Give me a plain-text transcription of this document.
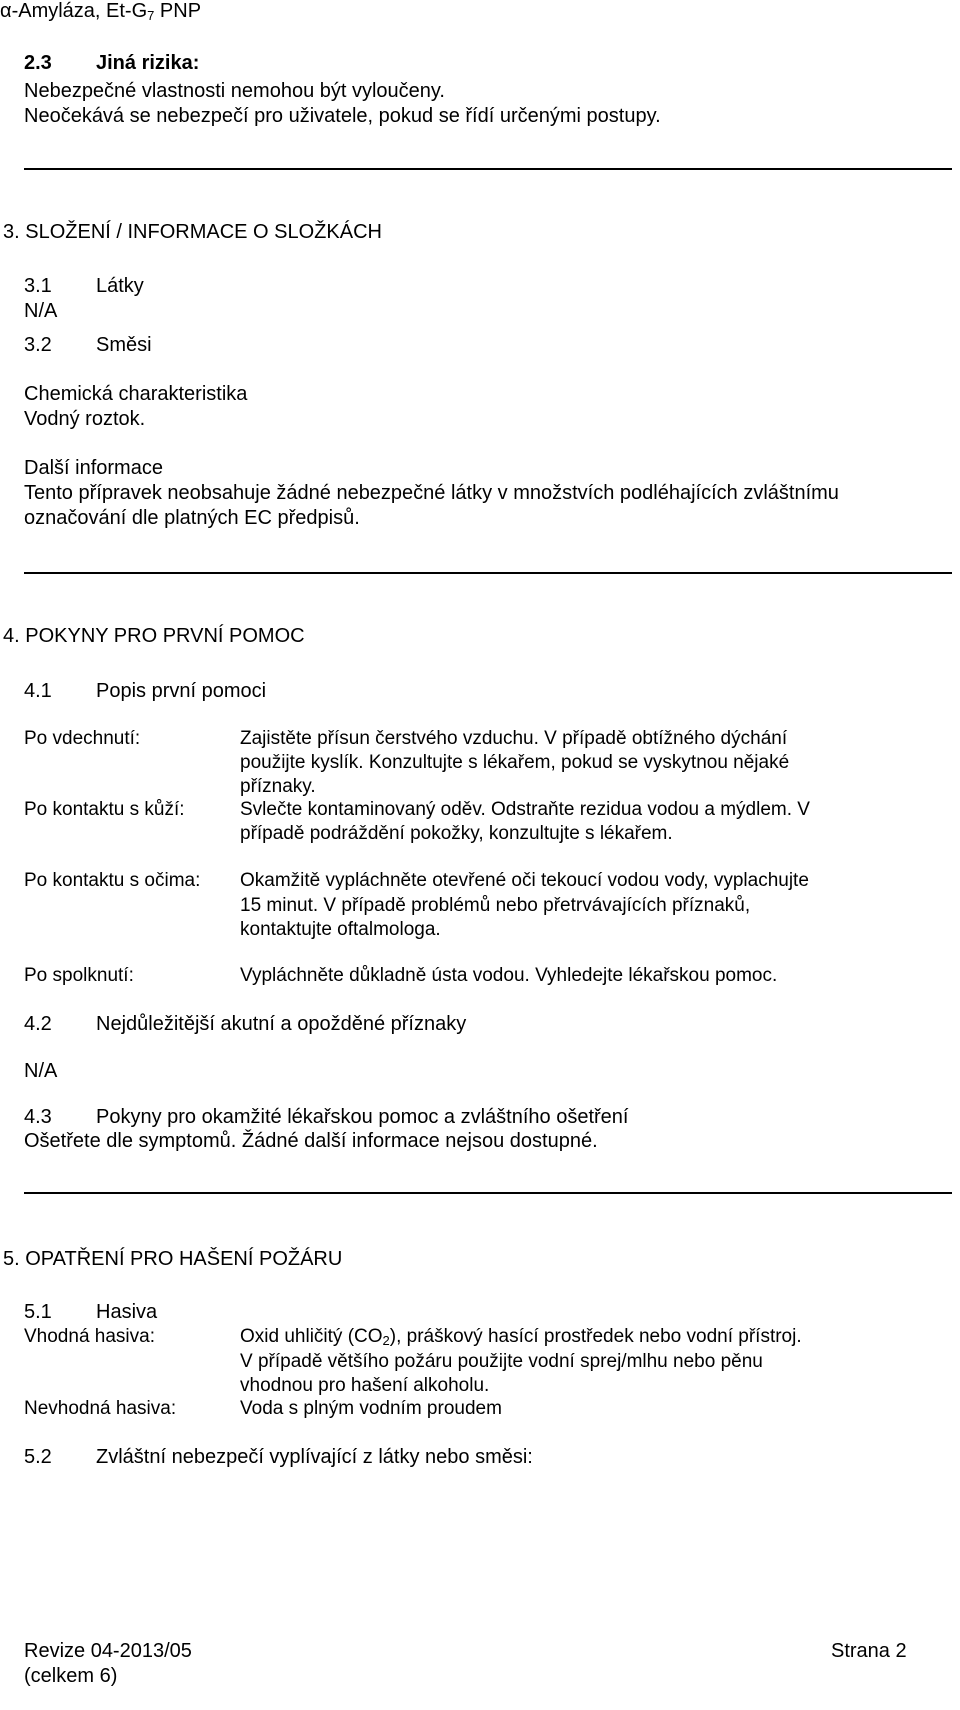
α-Amyláza, $Et-G_7$ PNP
2.3 Jiná rizika:
Nebezpečné vlastnosti nemohou být vyloučeny.
Neočekává se nebezpečí pro uživatele, pokud se řídí určenými postupy.
3. SLOŽENÍ / INFORMACE O SLOŽKÁCH
3.1 Látky
N/A
3.2 Směsi
Chemická charakteristika
Vodný roztok.
Další informace
Tento přípravek neobsahuje žádné nebezpečné látky v množstvích podléhajících zvláštnímu
označování dle platných EC předpisů.
4. POKYNY PRO PRVNÍ POMOC
4.1 Popis první pomoci
Po vdechnutí:	Zajistěte přísun čerstvého vzduchu. V případě obtížného dýchání
použijte kyslík. Konzultujte s lékařem, pokud se vyskytnou nějaké
příznaky.
Po kontaktu s kůží:	Svlečte kontaminovaný oděv. Odstraňte rezidua vodou a mýdlem. V
případě podráždění pokožky, konzultujte s lékařem.
Po kontaktu s očima: Okamžitě vypláchněte otevřené oči tekoucí vodou vody, vyplachujte
15 minut. V případě problémů nebo přetrvávajících příznaků,
kontaktujte oftalmologa.
Po spolknutí:	Vypláchněte důkladně ústa vodou. Vyhledejte lékařskou pomoc.
4.2 Nejdůležitější akutní a opožděné příznaky
N/A
4.3 Pokyny pro okamžité lékařskou pomoc a zvláštního ošetření
Ošetřete dle symptomů. Žádné další informace nejsou dostupné.
5. OPATŘENÍ PRO HAŠENÍ POŽÁRU
5.1 Hasiva
Vhodná hasiva:	Oxid uhličitý $(CO_2)$, práškový hasící prostředek nebo vodní přístroj.
V případě většího požáru použijte vodní sprej/mlhu nebo pěnu
vhodnou pro hašení alkoholu.
Nevhodná hasiva:	Voda s plným vodním proudem
5.2 Zvláštní nebezpečí vyplívající z látky nebo směsi:
Revize 04-2013/05
(celkem 6)
Strana 2
